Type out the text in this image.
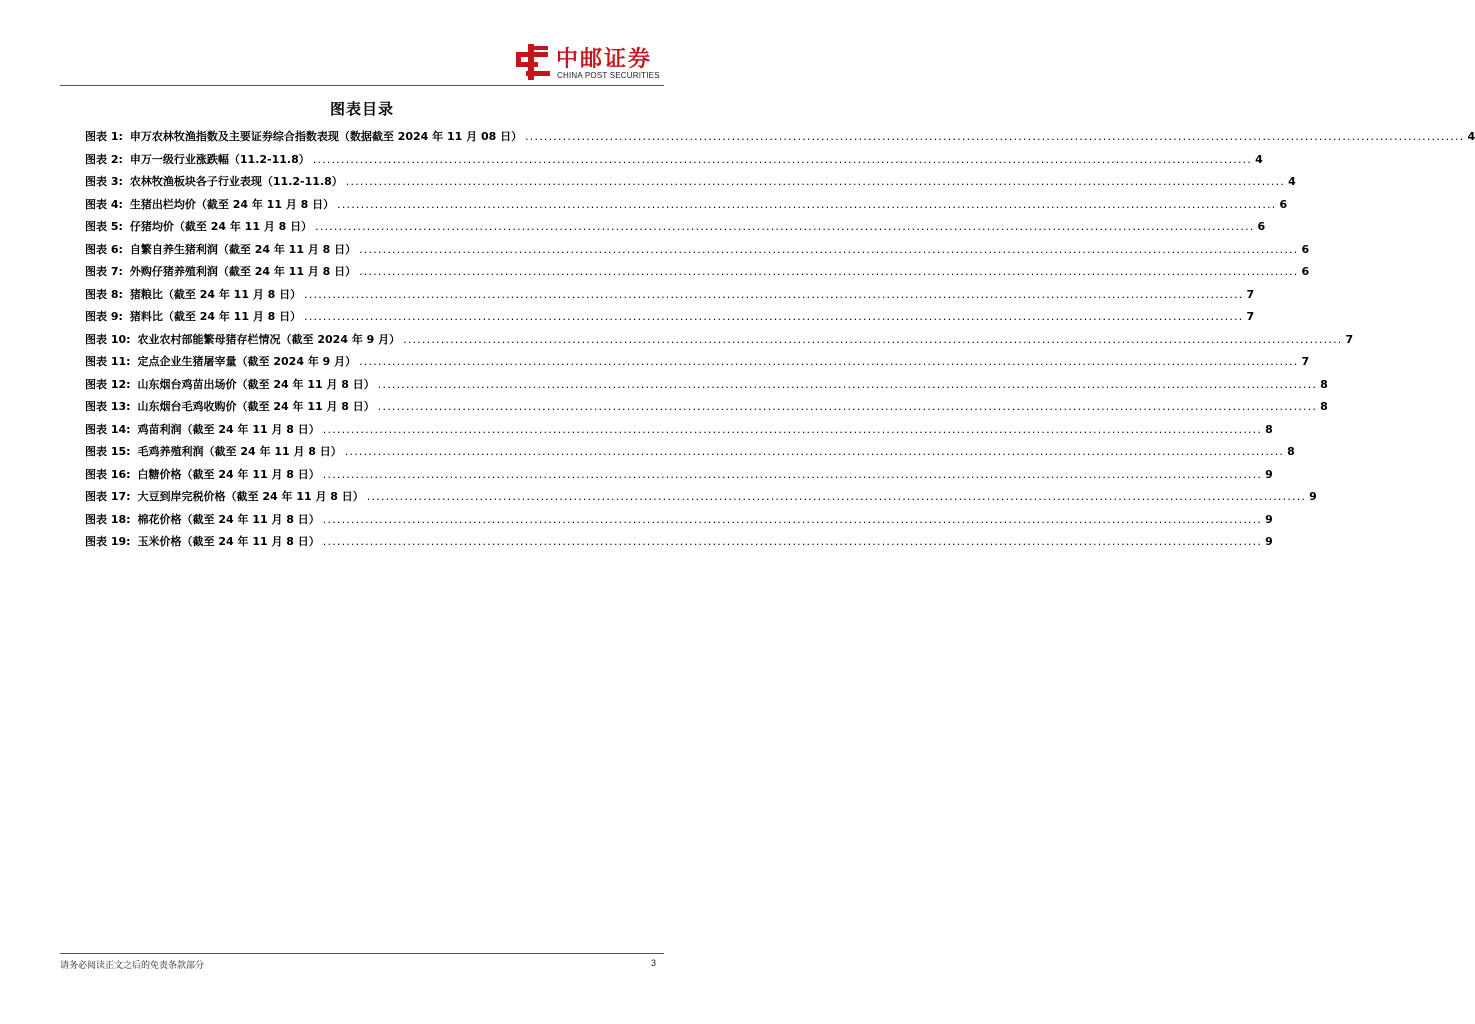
中邮证券
CHINA POST SECURITIES
图表目录
图表 1: 申万农林牧渔指数及主要证券综合指数表现（数据截至 2024 年 11 月 08 日） ........................................................................................................................................................................................................ 4
图表 2: 申万一级行业涨跌幅（11.2-11.8） ........................................................................................................................................................................................................ 4
图表 3: 农林牧渔板块各子行业表现（11.2-11.8） ........................................................................................................................................................................................................ 4
图表 4: 生猪出栏均价（截至 24 年 11 月 8 日） ........................................................................................................................................................................................................ 6
图表 5: 仔猪均价（截至 24 年 11 月 8 日） ........................................................................................................................................................................................................ 6
图表 6: 自繁自养生猪利润（截至 24 年 11 月 8 日） ........................................................................................................................................................................................................ 6
图表 7: 外购仔猪养殖利润（截至 24 年 11 月 8 日） ........................................................................................................................................................................................................ 6
图表 8: 猪粮比（截至 24 年 11 月 8 日） ........................................................................................................................................................................................................ 7
图表 9: 猪料比（截至 24 年 11 月 8 日） ........................................................................................................................................................................................................ 7
图表 10: 农业农村部能繁母猪存栏情况（截至 2024 年 9 月） ........................................................................................................................................................................................................ 7
图表 11: 定点企业生猪屠宰量（截至 2024 年 9 月） ........................................................................................................................................................................................................ 7
图表 12: 山东烟台鸡苗出场价（截至 24 年 11 月 8 日） ........................................................................................................................................................................................................ 8
图表 13: 山东烟台毛鸡收购价（截至 24 年 11 月 8 日） ........................................................................................................................................................................................................ 8
图表 14: 鸡苗利润（截至 24 年 11 月 8 日） ........................................................................................................................................................................................................ 8
图表 15: 毛鸡养殖利润（截至 24 年 11 月 8 日） ........................................................................................................................................................................................................ 8
图表 16: 白糖价格（截至 24 年 11 月 8 日） ........................................................................................................................................................................................................ 9
图表 17: 大豆到岸完税价格（截至 24 年 11 月 8 日） ........................................................................................................................................................................................................ 9
图表 18: 棉花价格（截至 24 年 11 月 8 日） ........................................................................................................................................................................................................ 9
图表 19: 玉米价格（截至 24 年 11 月 8 日） ........................................................................................................................................................................................................ 9
请务必阅读正文之后的免责条款部分	3
